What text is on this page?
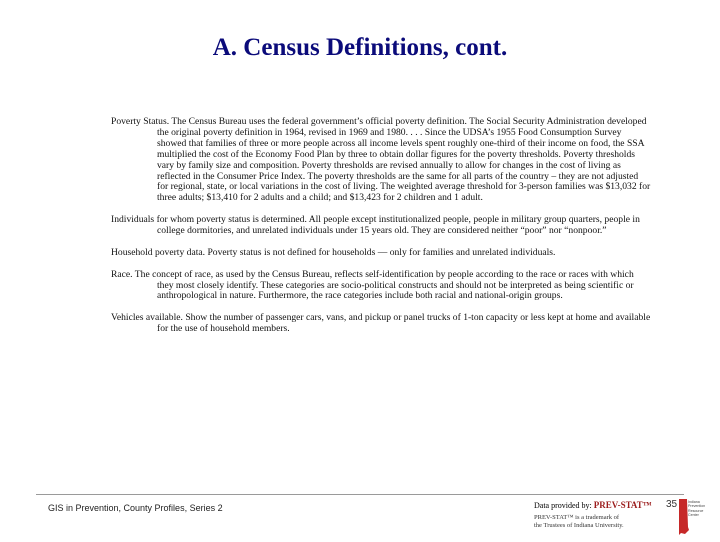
A. Census Definitions, cont.

Poverty Status. The Census Bureau uses the federal government’s official poverty definition. The Social Security Administration developed the original poverty definition in 1964, revised in 1969 and 1980. . . . Since the UDSA’s 1955 Food Consumption Survey showed that families of three or more people across all income levels spent roughly one-third of their income on food, the SSA multiplied the cost of the Economy Food Plan by three to obtain dollar figures for the poverty thresholds. Poverty thresholds vary by family size and composition. Poverty thresholds are revised annually to allow for changes in the cost of living as reflected in the Consumer Price Index. The poverty thresholds are the same for all parts of the country – they are not adjusted for regional, state, or local variations in the cost of living. The weighted average threshold for 3-person families was $13,032 for three adults; $13,410 for 2 adults and a child; and $13,423 for 2 children and 1 adult.

Individuals for whom poverty status is determined. All people except institutionalized people, people in military group quarters, people in college dormitories, and unrelated individuals under 15 years old. They are considered neither “poor” nor “nonpoor.”

Household poverty data. Poverty status is not defined for households — only for families and unrelated individuals.

Race. The concept of race, as used by the Census Bureau, reflects self-identification by people according to the race or races with which they most closely identify. These categories are socio-political constructs and should not be interpreted as being scientific or anthropological in nature. Furthermore, the race categories include both racial and national-origin groups.

Vehicles available. Show the number of passenger cars, vans, and pickup or panel trucks of 1-ton capacity or less kept at home and available for the use of household members.

GIS in Prevention, County Profiles, Series 2	Data provided by: PREV-STAT™
PREV-STAT™ is a trademark of
the Trustees of Indiana University.
35	Indiana Prevention Resource Center
